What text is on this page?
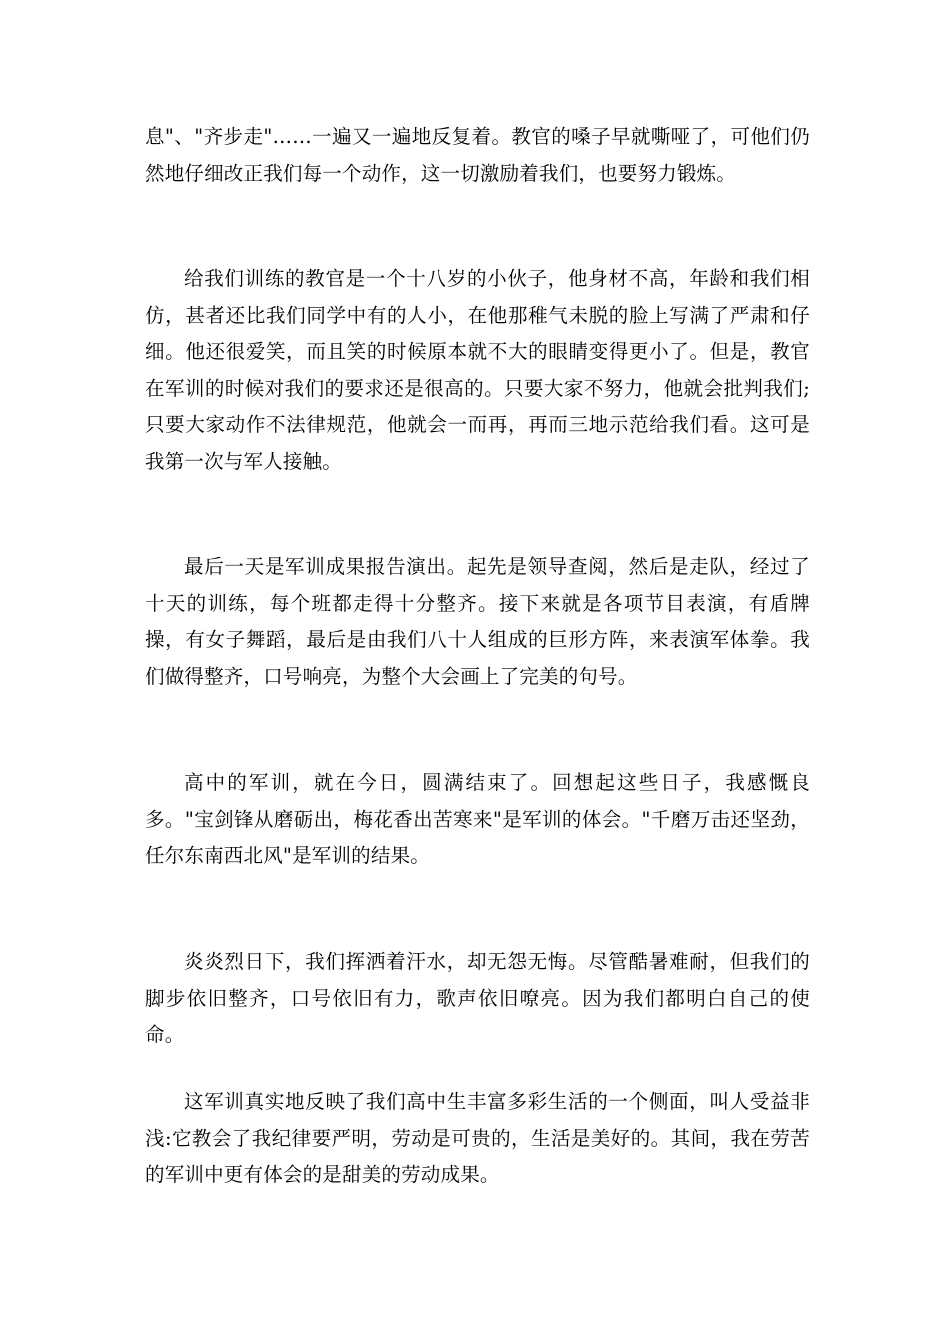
息"、"齐步走"……一遍又一遍地反复着。教官的嗓子早就嘶哑了，可他们仍然地仔细改正我们每一个动作，这一切激励着我们，也要努力锻炼。

给我们训练的教官是一个十八岁的小伙子，他身材不高，年龄和我们相仿，甚者还比我们同学中有的人小，在他那稚气未脱的脸上写满了严肃和仔细。他还很爱笑，而且笑的时候原本就不大的眼睛变得更小了。但是，教官在军训的时候对我们的要求还是很高的。只要大家不努力，他就会批判我们;只要大家动作不法律规范，他就会一而再，再而三地示范给我们看。这可是我第一次与军人接触。

最后一天是军训成果报告演出。起先是领导查阅，然后是走队，经过了十天的训练，每个班都走得十分整齐。接下来就是各项节目表演，有盾牌操，有女子舞蹈，最后是由我们八十人组成的巨形方阵，来表演军体拳。我们做得整齐，口号响亮，为整个大会画上了完美的句号。

高中的军训，就在今日，圆满结束了。回想起这些日子，我感慨良多。"宝剑锋从磨砺出，梅花香出苦寒来"是军训的体会。"千磨万击还坚劲，任尔东南西北风"是军训的结果。

炎炎烈日下，我们挥洒着汗水，却无怨无悔。尽管酷暑难耐，但我们的脚步依旧整齐，口号依旧有力，歌声依旧嘹亮。因为我们都明白自己的使命。

这军训真实地反映了我们高中生丰富多彩生活的一个侧面，叫人受益非浅:它教会了我纪律要严明，劳动是可贵的，生活是美好的。其间，我在劳苦的军训中更有体会的是甜美的劳动成果。
